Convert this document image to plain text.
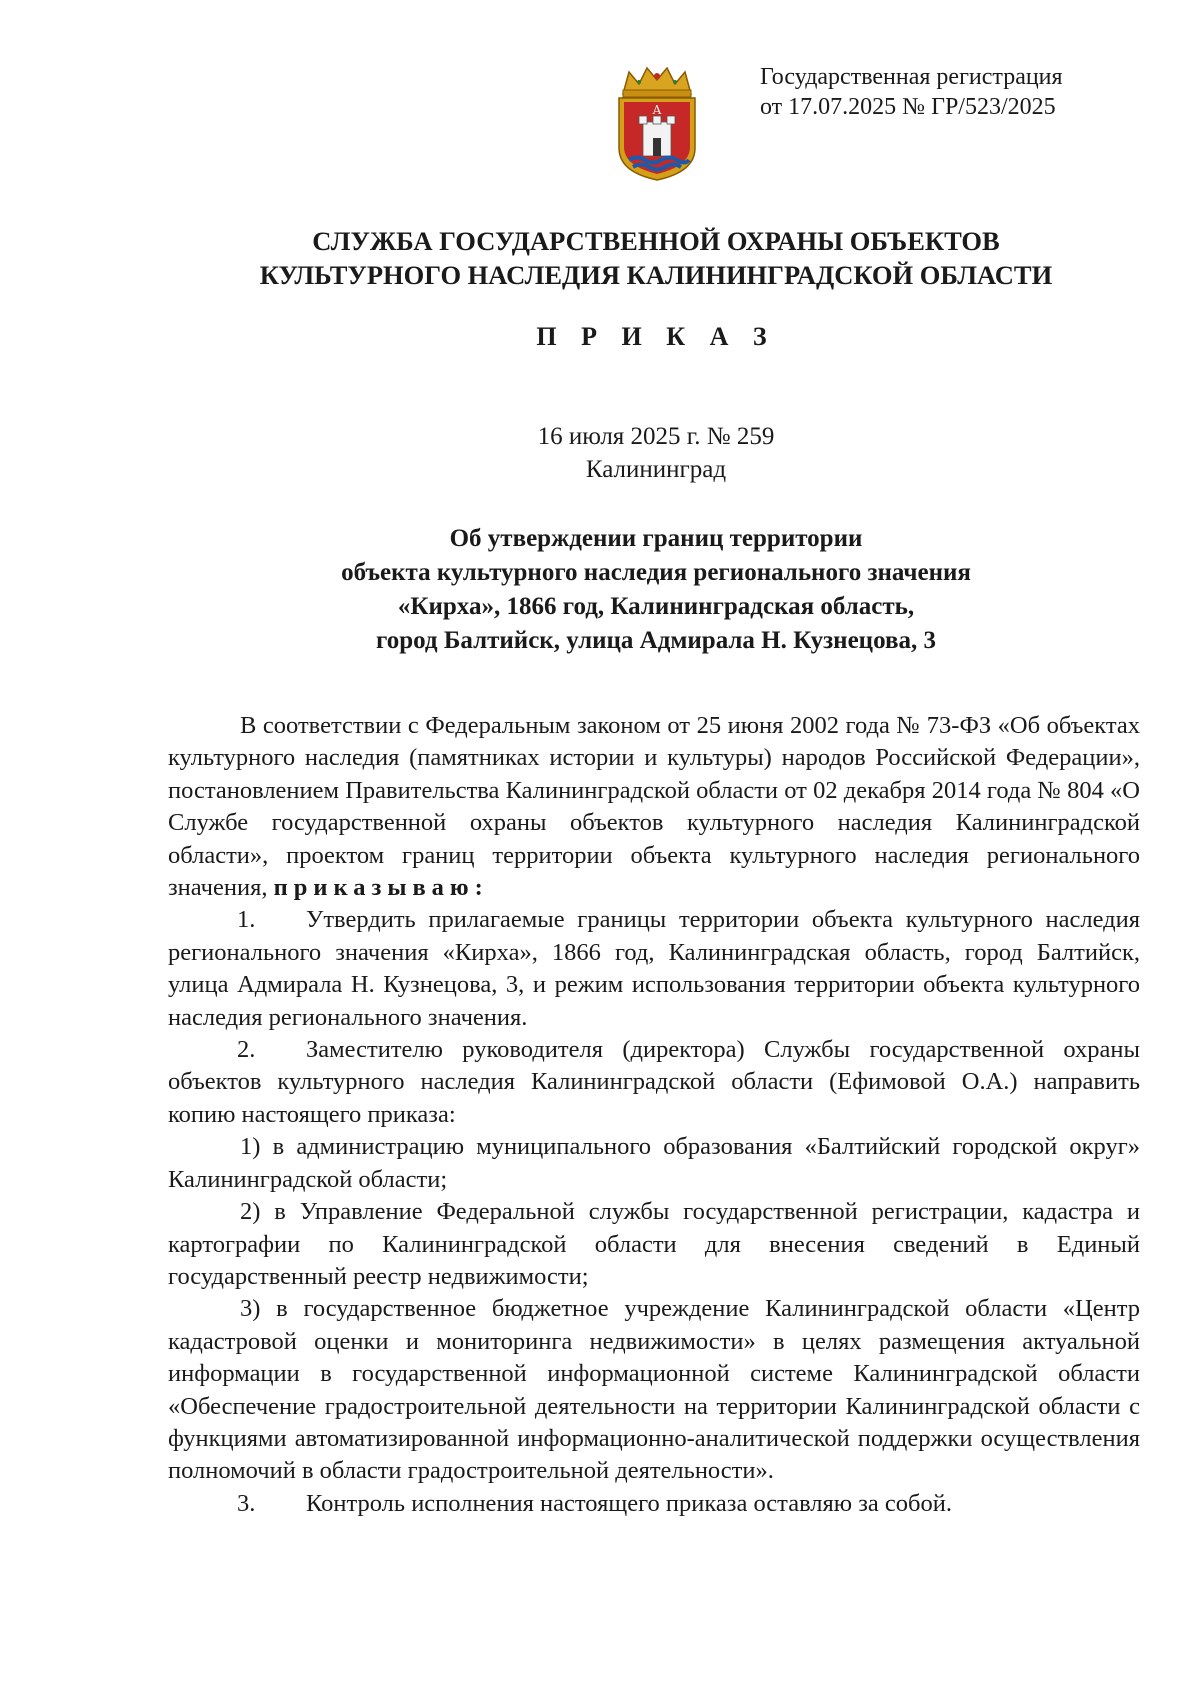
A
Государственная регистрация
от 17.07.2025 № ГР/523/2025
СЛУЖБА ГОСУДАРСТВЕННОЙ ОХРАНЫ ОБЪЕКТОВ
КУЛЬТУРНОГО НАСЛЕДИЯ КАЛИНИНГРАДСКОЙ ОБЛАСТИ
П Р И К А З
16 июля 2025 г. № 259
Калининград
Об утверждении границ территории
объекта культурного наследия регионального значения
«Кирха», 1866 год, Калининградская область,
город Балтийск, улица Адмирала Н. Кузнецова, 3

В соответствии с Федеральным законом от 25 июня 2002 года № 73-ФЗ «Об объектах культурного наследия (памятниках истории и культуры) народов Российской Федерации», постановлением Правительства Калининградской области от 02 декабря 2014 года № 804 «О Службе государственной охраны объектов культурного наследия Калининградской области», проектом границ территории объекта культурного наследия регионального значения, приказываю:

1. Утвердить прилагаемые границы территории объекта культурного наследия регионального значения «Кирха», 1866 год, Калининградская область, город Балтийск, улица Адмирала Н. Кузнецова, 3, и режим использования территории объекта культурного наследия регионального значения.

2. Заместителю руководителя (директора) Службы государственной охраны объектов культурного наследия Калининградской области (Ефимовой О.А.) направить копию настоящего приказа:

1) в администрацию муниципального образования «Балтийский городской округ» Калининградской области;

2) в Управление Федеральной службы государственной регистрации, кадастра и картографии по Калининградской области для внесения сведений в Единый государственный реестр недвижимости;

3) в государственное бюджетное учреждение Калининградской области «Центр кадастровой оценки и мониторинга недвижимости» в целях размещения актуальной информации в государственной информационной системе Калининградской области «Обеспечение градостроительной деятельности на территории Калининградской области с функциями автоматизированной информационно-аналитической поддержки осуществления полномочий в области градостроительной деятельности».

3. Контроль исполнения настоящего приказа оставляю за собой.
